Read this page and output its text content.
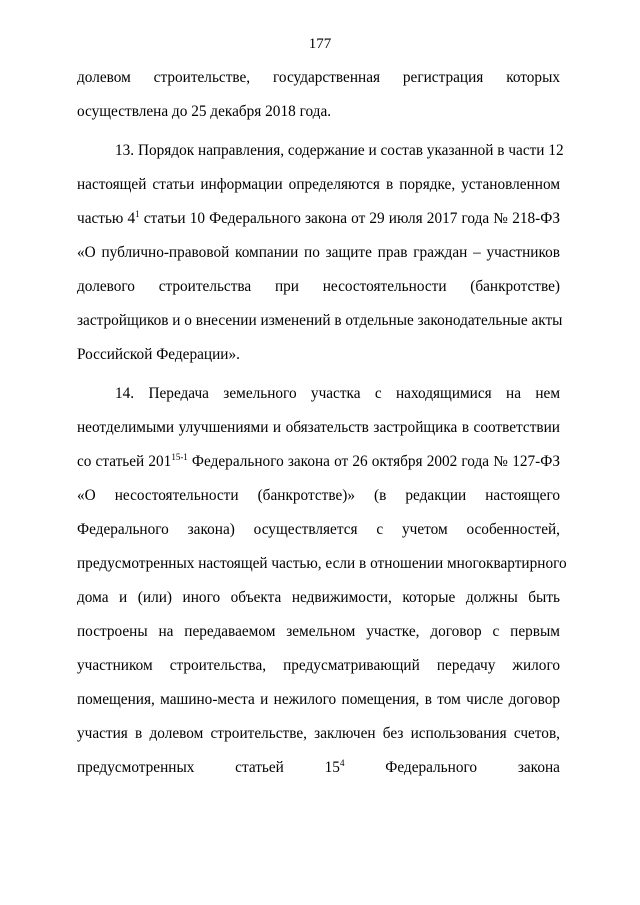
177
долевом строительстве, государственная регистрация которых
осуществлена до 25 декабря 2018 года.
13. Порядок направления, содержание и состав указанной в части 12
настоящей статьи информации определяются в порядке, установленном
частью $4^1$ статьи 10 Федерального закона от 29 июля 2017 года № 218-ФЗ
«О публично-правовой компании по защите прав граждан – участников
долевого строительства при несостоятельности (банкротстве)
застройщиков и о внесении изменений в отдельные законодательные акты
Российской Федерации».
14. Передача земельного участка с находящимися на нем
неотделимыми улучшениями и обязательств застройщика в соответствии
со статьей 201$^{15-1}$ Федерального закона от 26 октября 2002 года № 127-ФЗ
«О несостоятельности (банкротстве)» (в редакции настоящего
Федерального закона) осуществляется с учетом особенностей,
предусмотренных настоящей частью, если в отношении многоквартирного
дома и (или) иного объекта недвижимости, которые должны быть
построены на передаваемом земельном участке, договор с первым
участником строительства, предусматривающий передачу жилого
помещения, машино-места и нежилого помещения, в том числе договор
участия в долевом строительстве, заключен без использования счетов,
предусмотренных	статьей	$15^4$	Федерального	закона
